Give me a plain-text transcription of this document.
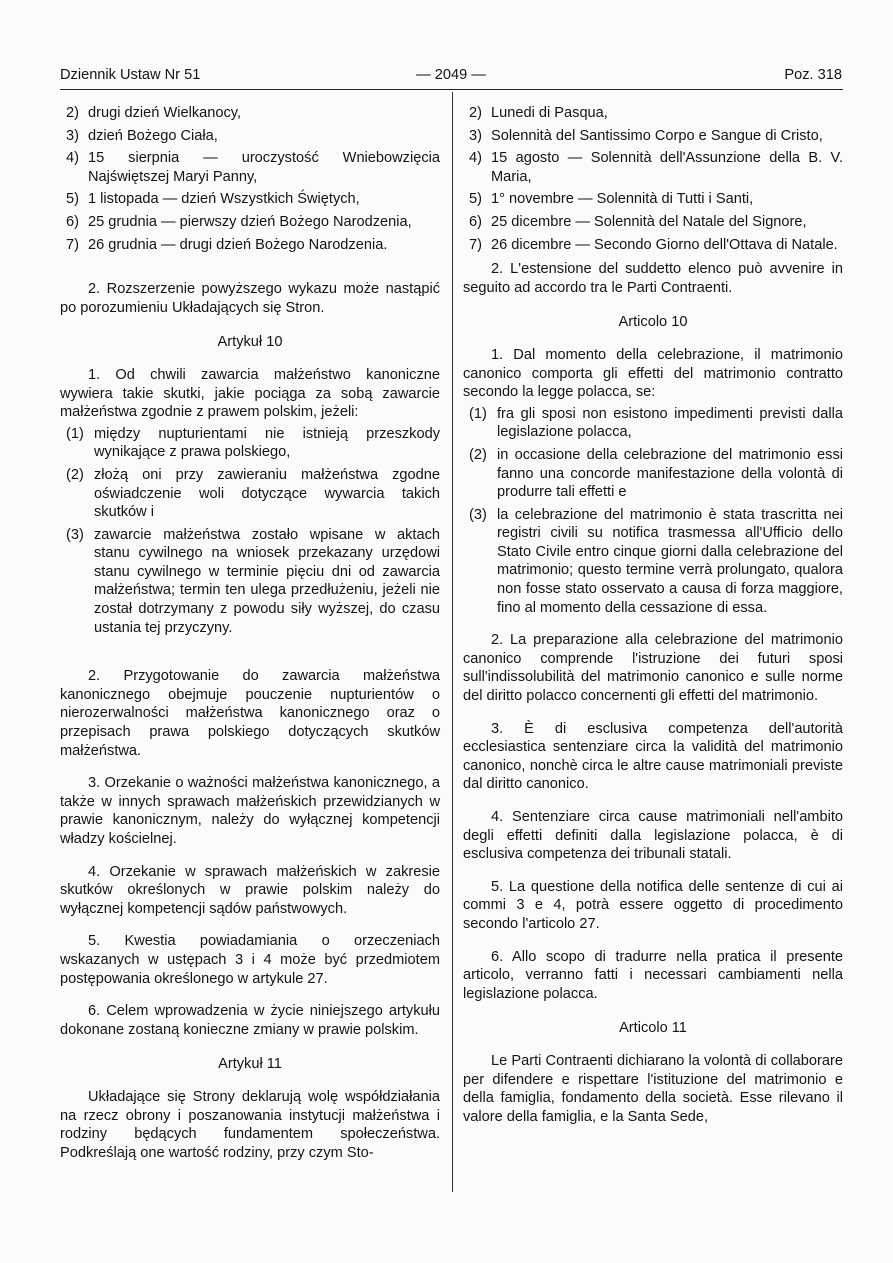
Dziennik Ustaw Nr 51	— 2049 —	Poz. 318
2) drugi dzień Wielkanocy,
3) dzień Bożego Ciała,
4) 15 sierpnia — uroczystość Wniebowzięcia Najświętszej Maryi Panny,
5) 1 listopada — dzień Wszystkich Świętych,
6) 25 grudnia — pierwszy dzień Bożego Narodzenia,
7) 26 grudnia — drugi dzień Bożego Narodzenia.

2. Rozszerzenie powyższego wykazu może nastąpić po porozumieniu Układających się Stron.

Artykuł 10

1. Od chwili zawarcia małżeństwo kanoniczne wywiera takie skutki, jakie pociąga za sobą zawarcie małżeństwa zgodnie z prawem polskim, jeżeli:

(1) między nupturientami nie istnieją przeszkody wynikające z prawa polskiego,
(2) złożą oni przy zawieraniu małżeństwa zgodne oświadczenie woli dotyczące wywarcia takich skutków i
(3) zawarcie małżeństwa zostało wpisane w aktach stanu cywilnego na wniosek przekazany urzędowi stanu cywilnego w terminie pięciu dni od zawarcia małżeństwa; termin ten ulega przedłużeniu, jeżeli nie został dotrzymany z powodu siły wyższej, do czasu ustania tej przyczyny.

2. Przygotowanie do zawarcia małżeństwa kanonicznego obejmuje pouczenie nupturientów o nierozerwalności małżeństwa kanonicznego oraz o przepisach prawa polskiego dotyczących skutków małżeństwa.

3. Orzekanie o ważności małżeństwa kanonicznego, a także w innych sprawach małżeńskich przewidzianych w prawie kanonicznym, należy do wyłącznej kompetencji władzy kościelnej.

4. Orzekanie w sprawach małżeńskich w zakresie skutków określonych w prawie polskim należy do wyłącznej kompetencji sądów państwowych.

5. Kwestia powiadamiania o orzeczeniach wskazanych w ustępach 3 i 4 może być przedmiotem postępowania określonego w artykule 27.

6. Celem wprowadzenia w życie niniejszego artykułu dokonane zostaną konieczne zmiany w prawie polskim.

Artykuł 11

Układające się Strony deklarują wolę współdziałania na rzecz obrony i poszanowania instytucji małżeństwa i rodziny będących fundamentem społeczeństwa. Podkreślają one wartość rodziny, przy czym Sto-

2) Lunedi di Pasqua,
3) Solennità del Santissimo Corpo e Sangue di Cristo,
4) 15 agosto — Solennità dell'Assunzione della B. V. Maria,
5) 1° novembre — Solennità di Tutti i Santi,
6) 25 dicembre — Solennità del Natale del Signore,
7) 26 dicembre — Secondo Giorno dell'Ottava di Natale.

2. L'estensione del suddetto elenco può avvenire in seguito ad accordo tra le Parti Contraenti.

Articolo 10

1. Dal momento della celebrazione, il matrimonio canonico comporta gli effetti del matrimonio contratto secondo la legge polacca, se:

(1) fra gli sposi non esistono impedimenti previsti dalla legislazione polacca,
(2) in occasione della celebrazione del matrimonio essi fanno una concorde manifestazione della volontà di produrre tali effetti e
(3) la celebrazione del matrimonio è stata trascritta nei registri civili su notifica trasmessa all'Ufficio dello Stato Civile entro cinque giorni dalla celebrazione del matrimonio; questo termine verrà prolungato, qualora non fosse stato osservato a causa di forza maggiore, fino al momento della cessazione di essa.

2. La preparazione alla celebrazione del matrimonio canonico comprende l'istruzione dei futuri sposi sull'indissolubilità del matrimonio canonico e sulle norme del diritto polacco concernenti gli effetti del matrimonio.

3. È di esclusiva competenza dell'autorità ecclesiastica sentenziare circa la validità del matrimonio canonico, nonchè circa le altre cause matrimoniali previste dal diritto canonico.

4. Sentenziare circa cause matrimoniali nell'ambito degli effetti definiti dalla legislazione polacca, è di esclusiva competenza dei tribunali statali.

5. La questione della notifica delle sentenze di cui ai commi 3 e 4, potrà essere oggetto di procedimento secondo l'articolo 27.

6. Allo scopo di tradurre nella pratica il presente articolo, verranno fatti i necessari cambiamenti nella legislazione polacca.

Articolo 11

Le Parti Contraenti dichiarano la volontà di collaborare per difendere e rispettare l'istituzione del matrimonio e della famiglia, fondamento della società. Esse rilevano il valore della famiglia, e la Santa Sede,
